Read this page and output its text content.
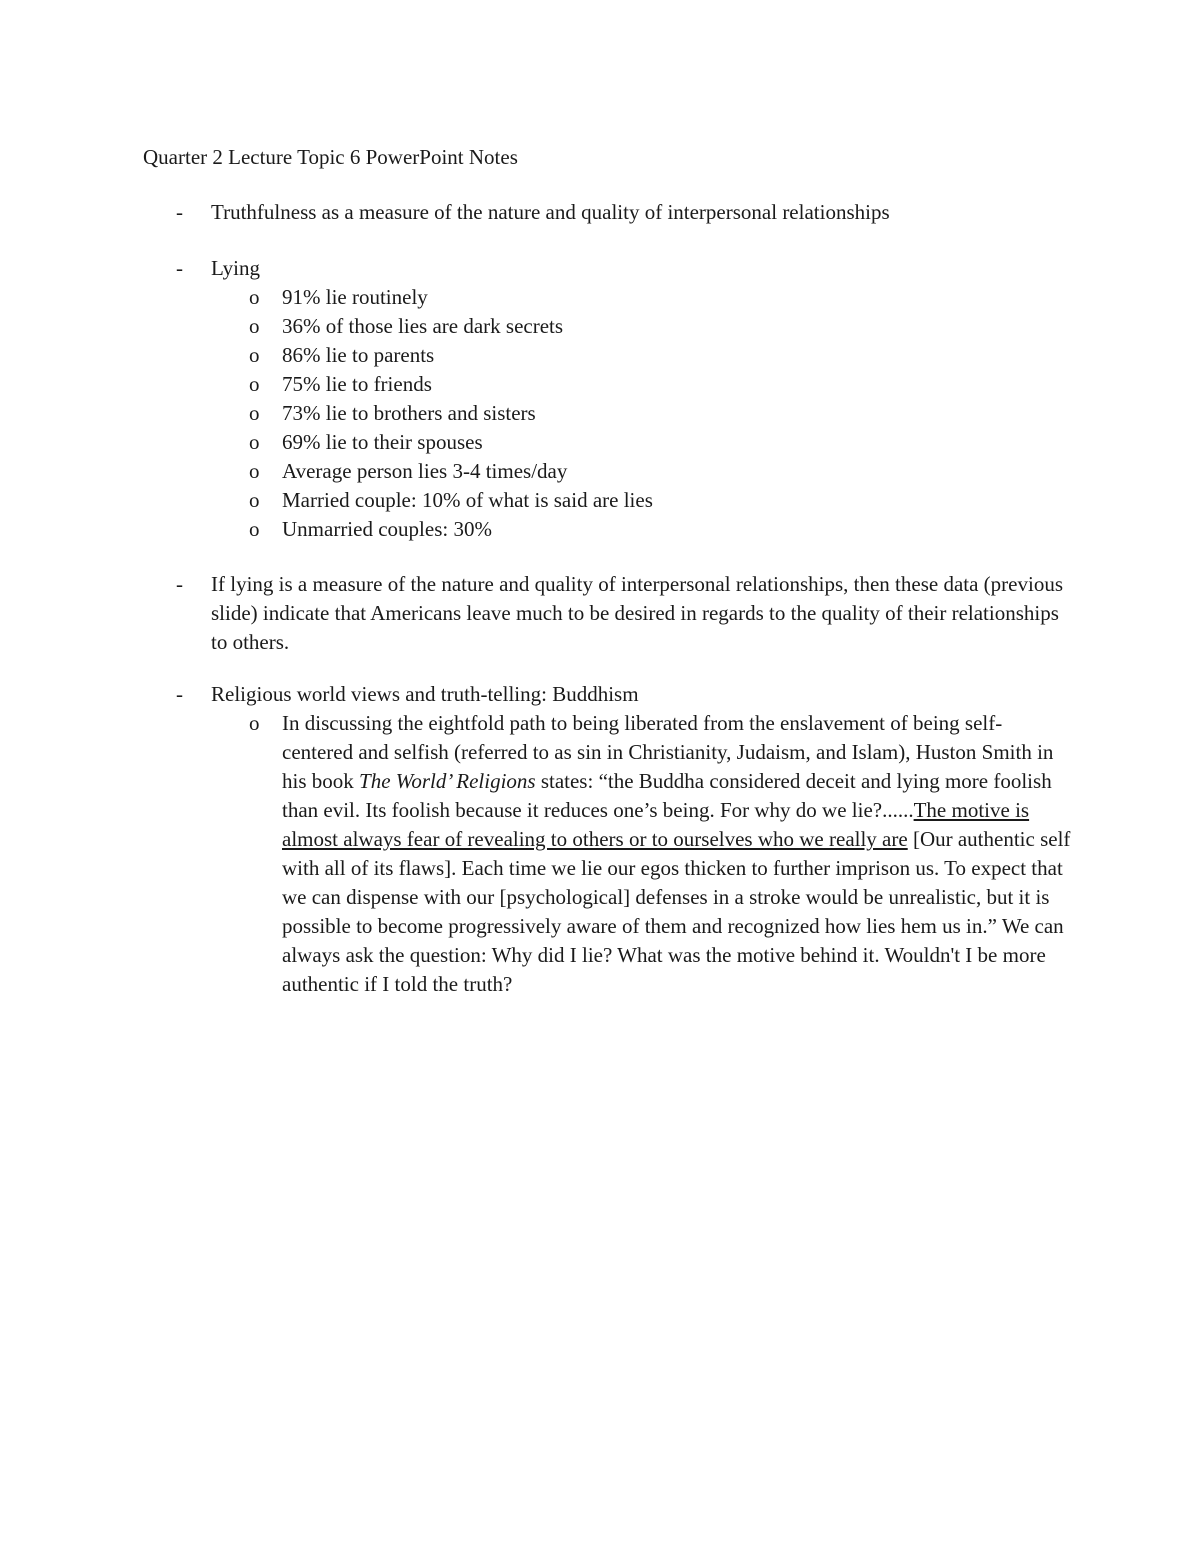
Quarter 2 Lecture Topic 6 PowerPoint Notes
- Truthfulness as a measure of the nature and quality of interpersonal relationships
- Lying
o 91% lie routinely
o 36% of those lies are dark secrets
o 86% lie to parents
o 75% lie to friends
o 73% lie to brothers and sisters
o 69% lie to their spouses
o Average person lies 3-4 times/day
o Married couple: 10% of what is said are lies
o Unmarried couples: 30%
- If lying is a measure of the nature and quality of interpersonal relationships, then these data (previous slide) indicate that Americans leave much to be desired in regards to the quality of their relationships to others.
- Religious world views and truth-telling: Buddhism
o In discussing the eightfold path to being liberated from the enslavement of being self-centered and selfish (referred to as sin in Christianity, Judaism, and Islam), Huston Smith in his book The World’ Religions states: “the Buddha considered deceit and lying more foolish than evil. Its foolish because it reduces one’s being. For why do we lie?......The motive is almost always fear of revealing to others or to ourselves who we really are [Our authentic self with all of its flaws]. Each time we lie our egos thicken to further imprison us. To expect that we can dispense with our [psychological] defenses in a stroke would be unrealistic, but it is possible to become progressively aware of them and recognized how lies hem us in.” We can always ask the question: Why did I lie? What was the motive behind it. Wouldn't I be more authentic if I told the truth?
